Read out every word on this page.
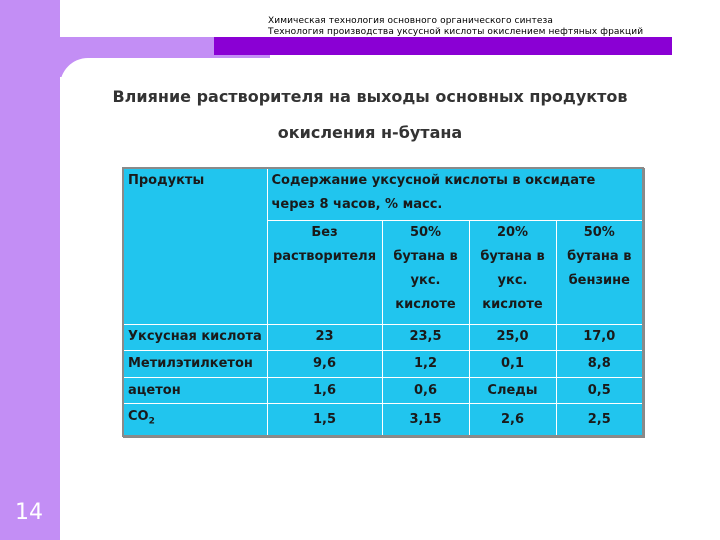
Химическая технология основного органического синтеза
Технология производства уксусной кислоты окислением нефтяных фракций
Влияние растворителя на выходы основных продуктов
окисления н-бутана
Продукты	Содержание уксусной кислоты в оксидате через 8 часов, % масс.			
	Без растворителя	50% бутана в укс. кислоте	20% бутана в укс. кислоте	50% бутана в бензине
Уксусная кислота	23	23,5	25,0	17,0
Метилэтилкетон	9,6	1,2	0,1	8,8
ацетон	1,6	0,6	Следы	0,5
$CO_2$	1,5	3,15	2,6	2,5
14
